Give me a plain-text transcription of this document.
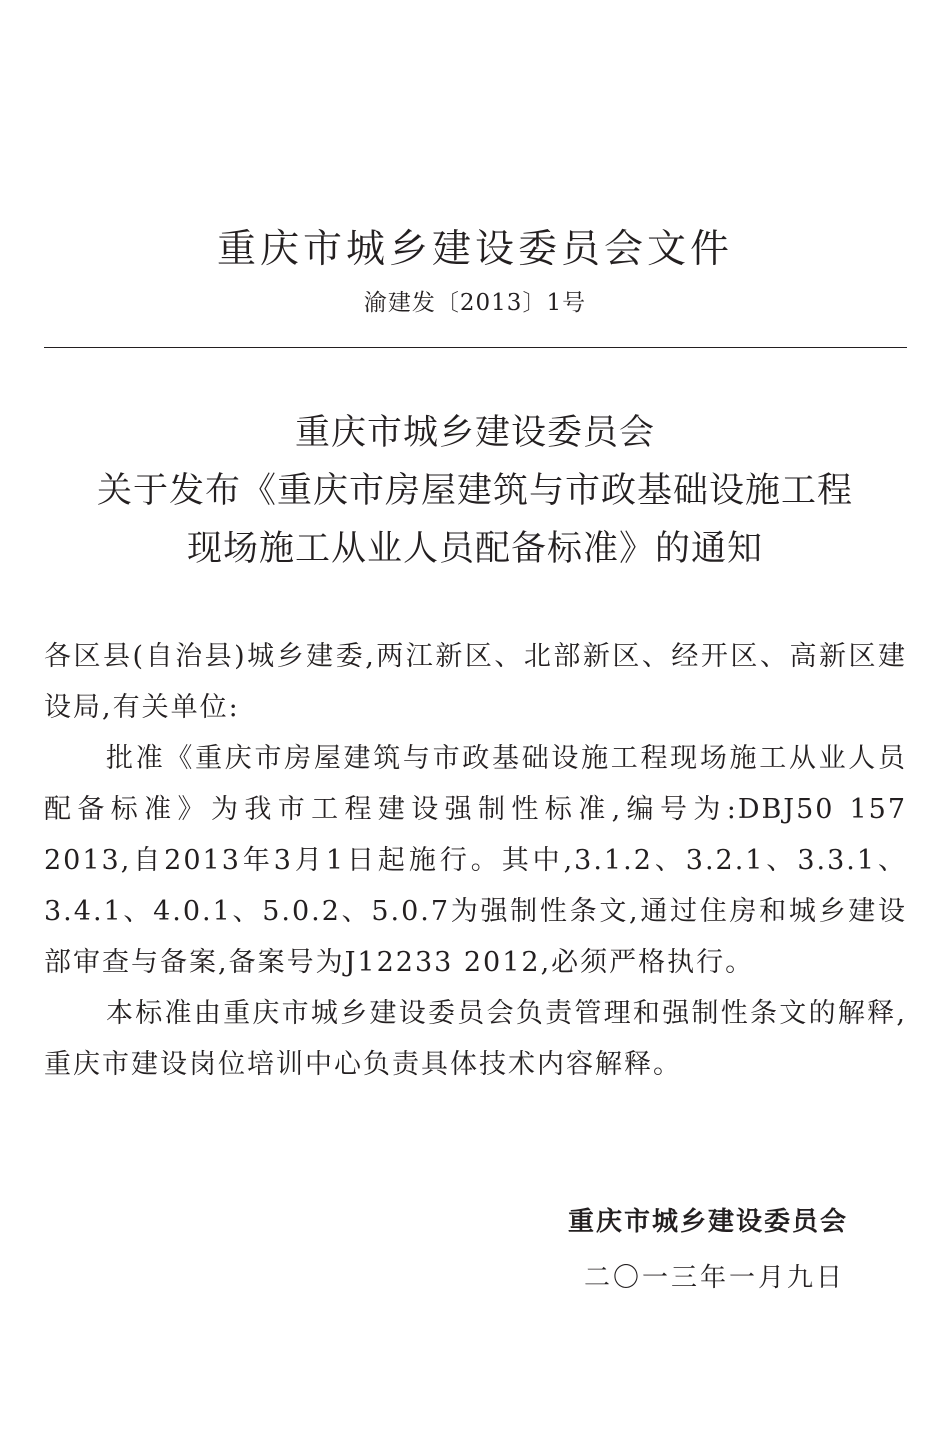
重庆市城乡建设委员会文件
渝建发〔2013〕1号
重庆市城乡建设委员会
关于发布《重庆市房屋建筑与市政基础设施工程
现场施工从业人员配备标准》的通知

各区县(自治县)城乡建委,两江新区、北部新区、经开区、高新区建设局,有关单位:

批准《重庆市房屋建筑与市政基础设施工程现场施工从业人员配备标准》为我市工程建设强制性标准,编号为:DBJ50 157 2013,自2013年3月1日起施行。其中,3.1.2、3.2.1、3.3.1、3.4.1、4.0.1、5.0.2、5.0.7为强制性条文,通过住房和城乡建设部审查与备案,备案号为J12233 2012,必须严格执行。

本标准由重庆市城乡建设委员会负责管理和强制性条文的解释,重庆市建设岗位培训中心负责具体技术内容解释。

重庆市城乡建设委员会
二〇一三年一月九日
